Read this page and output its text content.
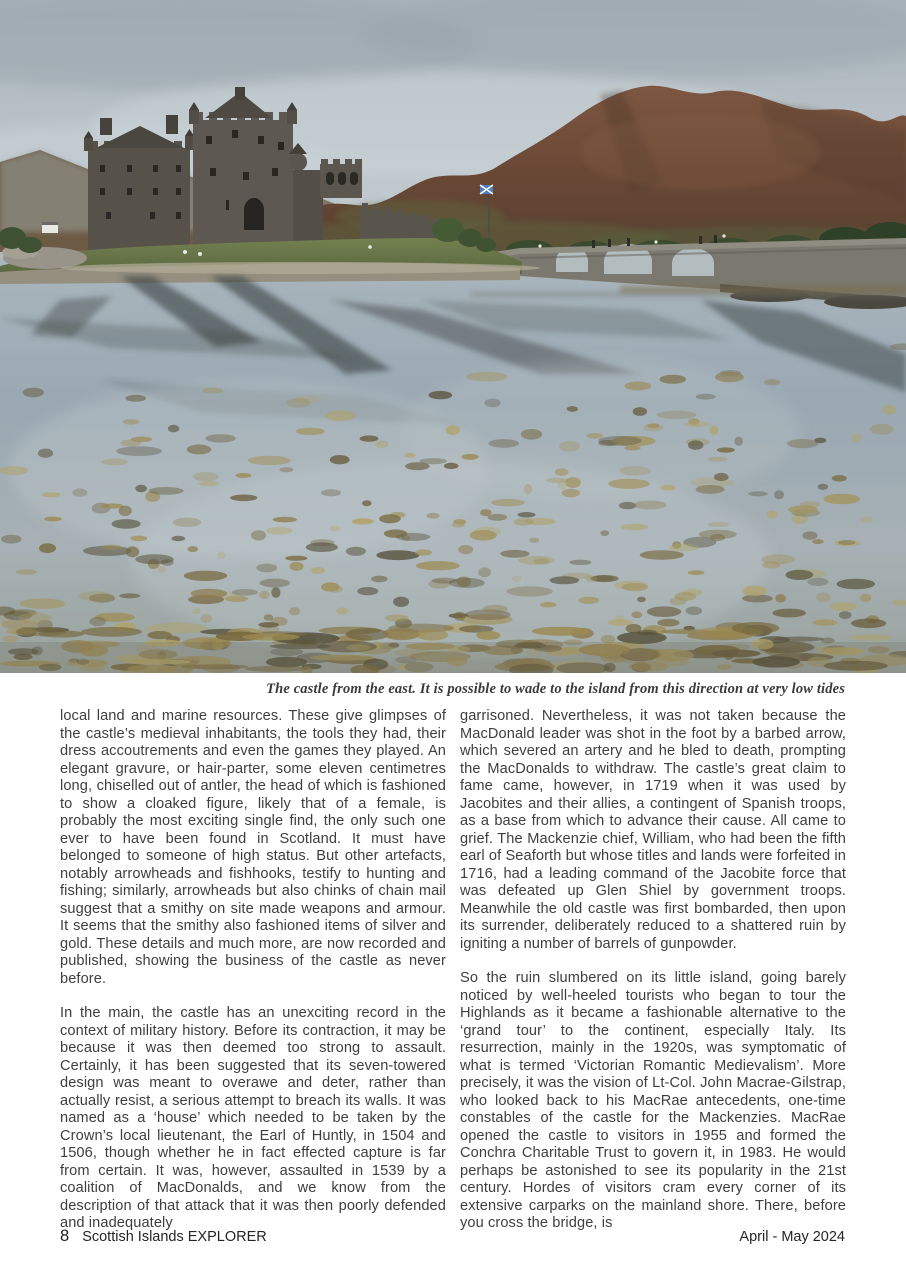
The castle from the east. It is possible to wade to the island from this direction at very low tides

local land and marine resources. These give glimpses of the castle’s medieval inhabitants, the tools they had, their dress accoutrements and even the games they played. An elegant gravure, or hair-parter, some eleven centimetres long, chiselled out of antler, the head of which is fashioned to show a cloaked figure, likely that of a female, is probably the most exciting single find, the only such one ever to have been found in Scotland. It must have belonged to someone of high status. But other artefacts, notably arrowheads and fishhooks, testify to hunting and fishing; similarly, arrowheads but also chinks of chain mail suggest that a smithy on site made weapons and armour. It seems that the smithy also fashioned items of silver and gold. These details and much more, are now recorded and published, showing the business of the castle as never before.

In the main, the castle has an unexciting record in the context of military history. Before its contraction, it may be because it was then deemed too strong to assault. Certainly, it has been suggested that its seven-towered design was meant to overawe and deter, rather than actually resist, a serious attempt to breach its walls. It was named as a ‘house’ which needed to be taken by the Crown’s local lieutenant, the Earl of Huntly, in 1504 and 1506, though whether he in fact effected capture is far from certain. It was, however, assaulted in 1539 by a coalition of MacDonalds, and we know from the description of that attack that it was then poorly defended and inadequately

garrisoned. Nevertheless, it was not taken because the MacDonald leader was shot in the foot by a barbed arrow, which severed an artery and he bled to death, prompting the MacDonalds to withdraw. The castle’s great claim to fame came, however, in 1719 when it was used by Jacobites and their allies, a contingent of Spanish troops, as a base from which to advance their cause. All came to grief. The Mackenzie chief, William, who had been the fifth earl of Seaforth but whose titles and lands were forfeited in 1716, had a leading command of the Jacobite force that was defeated up Glen Shiel by government troops. Meanwhile the old castle was first bombarded, then upon its surrender, deliberately reduced to a shattered ruin by igniting a number of barrels of gunpowder.

So the ruin slumbered on its little island, going barely noticed by well-heeled tourists who began to tour the Highlands as it became a fashionable alternative to the ‘grand tour’ to the continent, especially Italy. Its resurrection, mainly in the 1920s, was symptomatic of what is termed ‘Victorian Romantic Medievalism’. More precisely, it was the vision of Lt-Col. John Macrae-Gilstrap, who looked back to his MacRae antecedents, one-time constables of the castle for the Mackenzies. MacRae opened the castle to visitors in 1955 and formed the Conchra Charitable Trust to govern it, in 1983. He would perhaps be astonished to see its popularity in the 21st century. Hordes of visitors cram every corner of its extensive carparks on the mainland shore. There, before you cross the bridge, is

8 Scottish Islands EXPLORER	April - May 2024
